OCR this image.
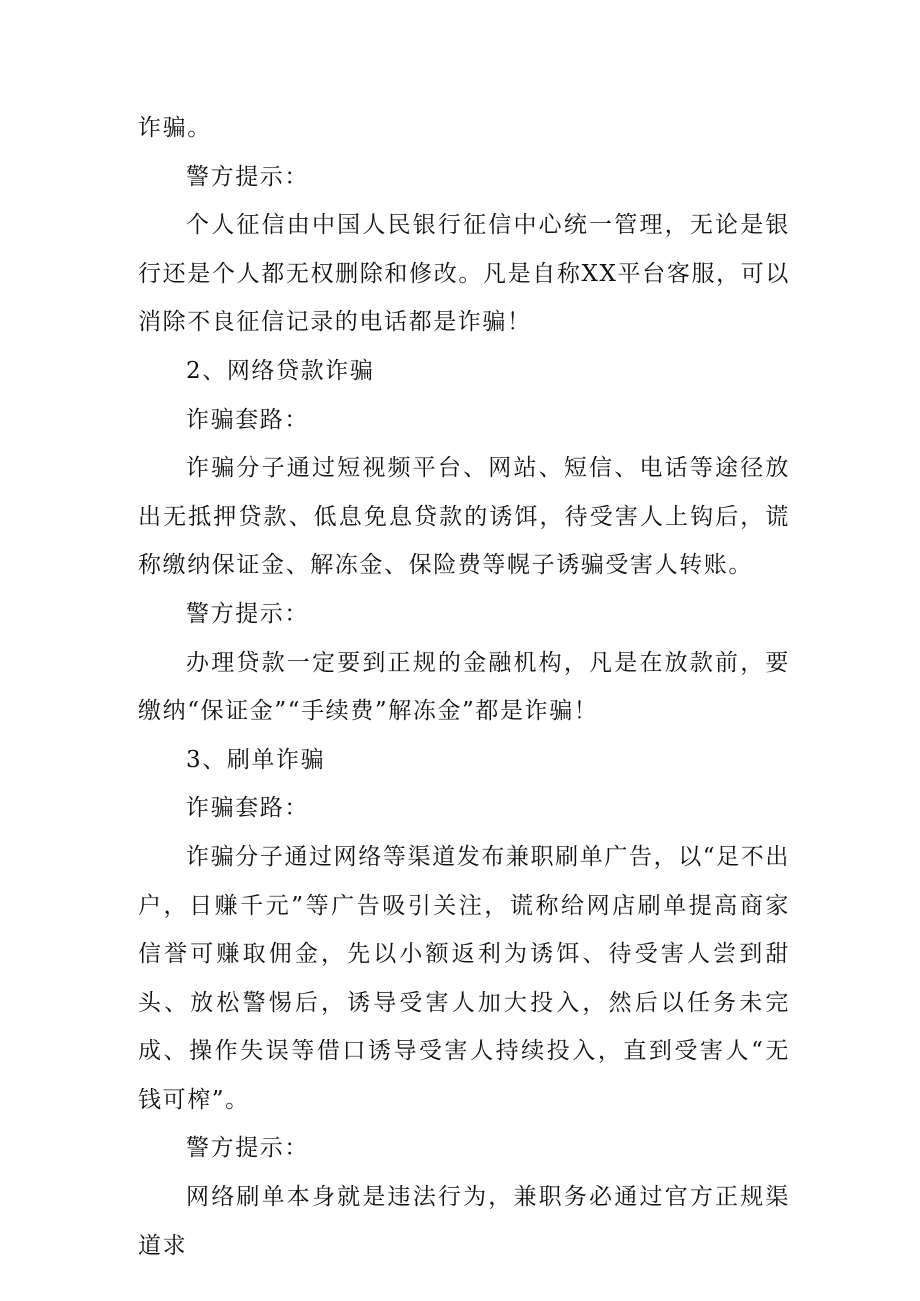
诈骗。

警方提示：

个人征信由中国人民银行征信中心统一管理，无论是银行还是个人都无权删除和修改。凡是自称XX平台客服，可以消除不良征信记录的电话都是诈骗！

2、网络贷款诈骗

诈骗套路：

诈骗分子通过短视频平台、网站、短信、电话等途径放出无抵押贷款、低息免息贷款的诱饵，待受害人上钩后，谎称缴纳保证金、解冻金、保险费等幌子诱骗受害人转账。

警方提示：

办理贷款一定要到正规的金融机构，凡是在放款前，要缴纳“保证金”“手续费”解冻金”都是诈骗！

3、刷单诈骗

诈骗套路：

诈骗分子通过网络等渠道发布兼职刷单广告，以“足不出户，日赚千元”等广告吸引关注，谎称给网店刷单提高商家信誉可赚取佣金，先以小额返利为诱饵、待受害人尝到甜头、放松警惕后，诱导受害人加大投入，然后以任务未完成、操作失误等借口诱导受害人持续投入，直到受害人“无钱可榨”。

警方提示：

网络刷单本身就是违法行为，兼职务必通过官方正规渠道求
